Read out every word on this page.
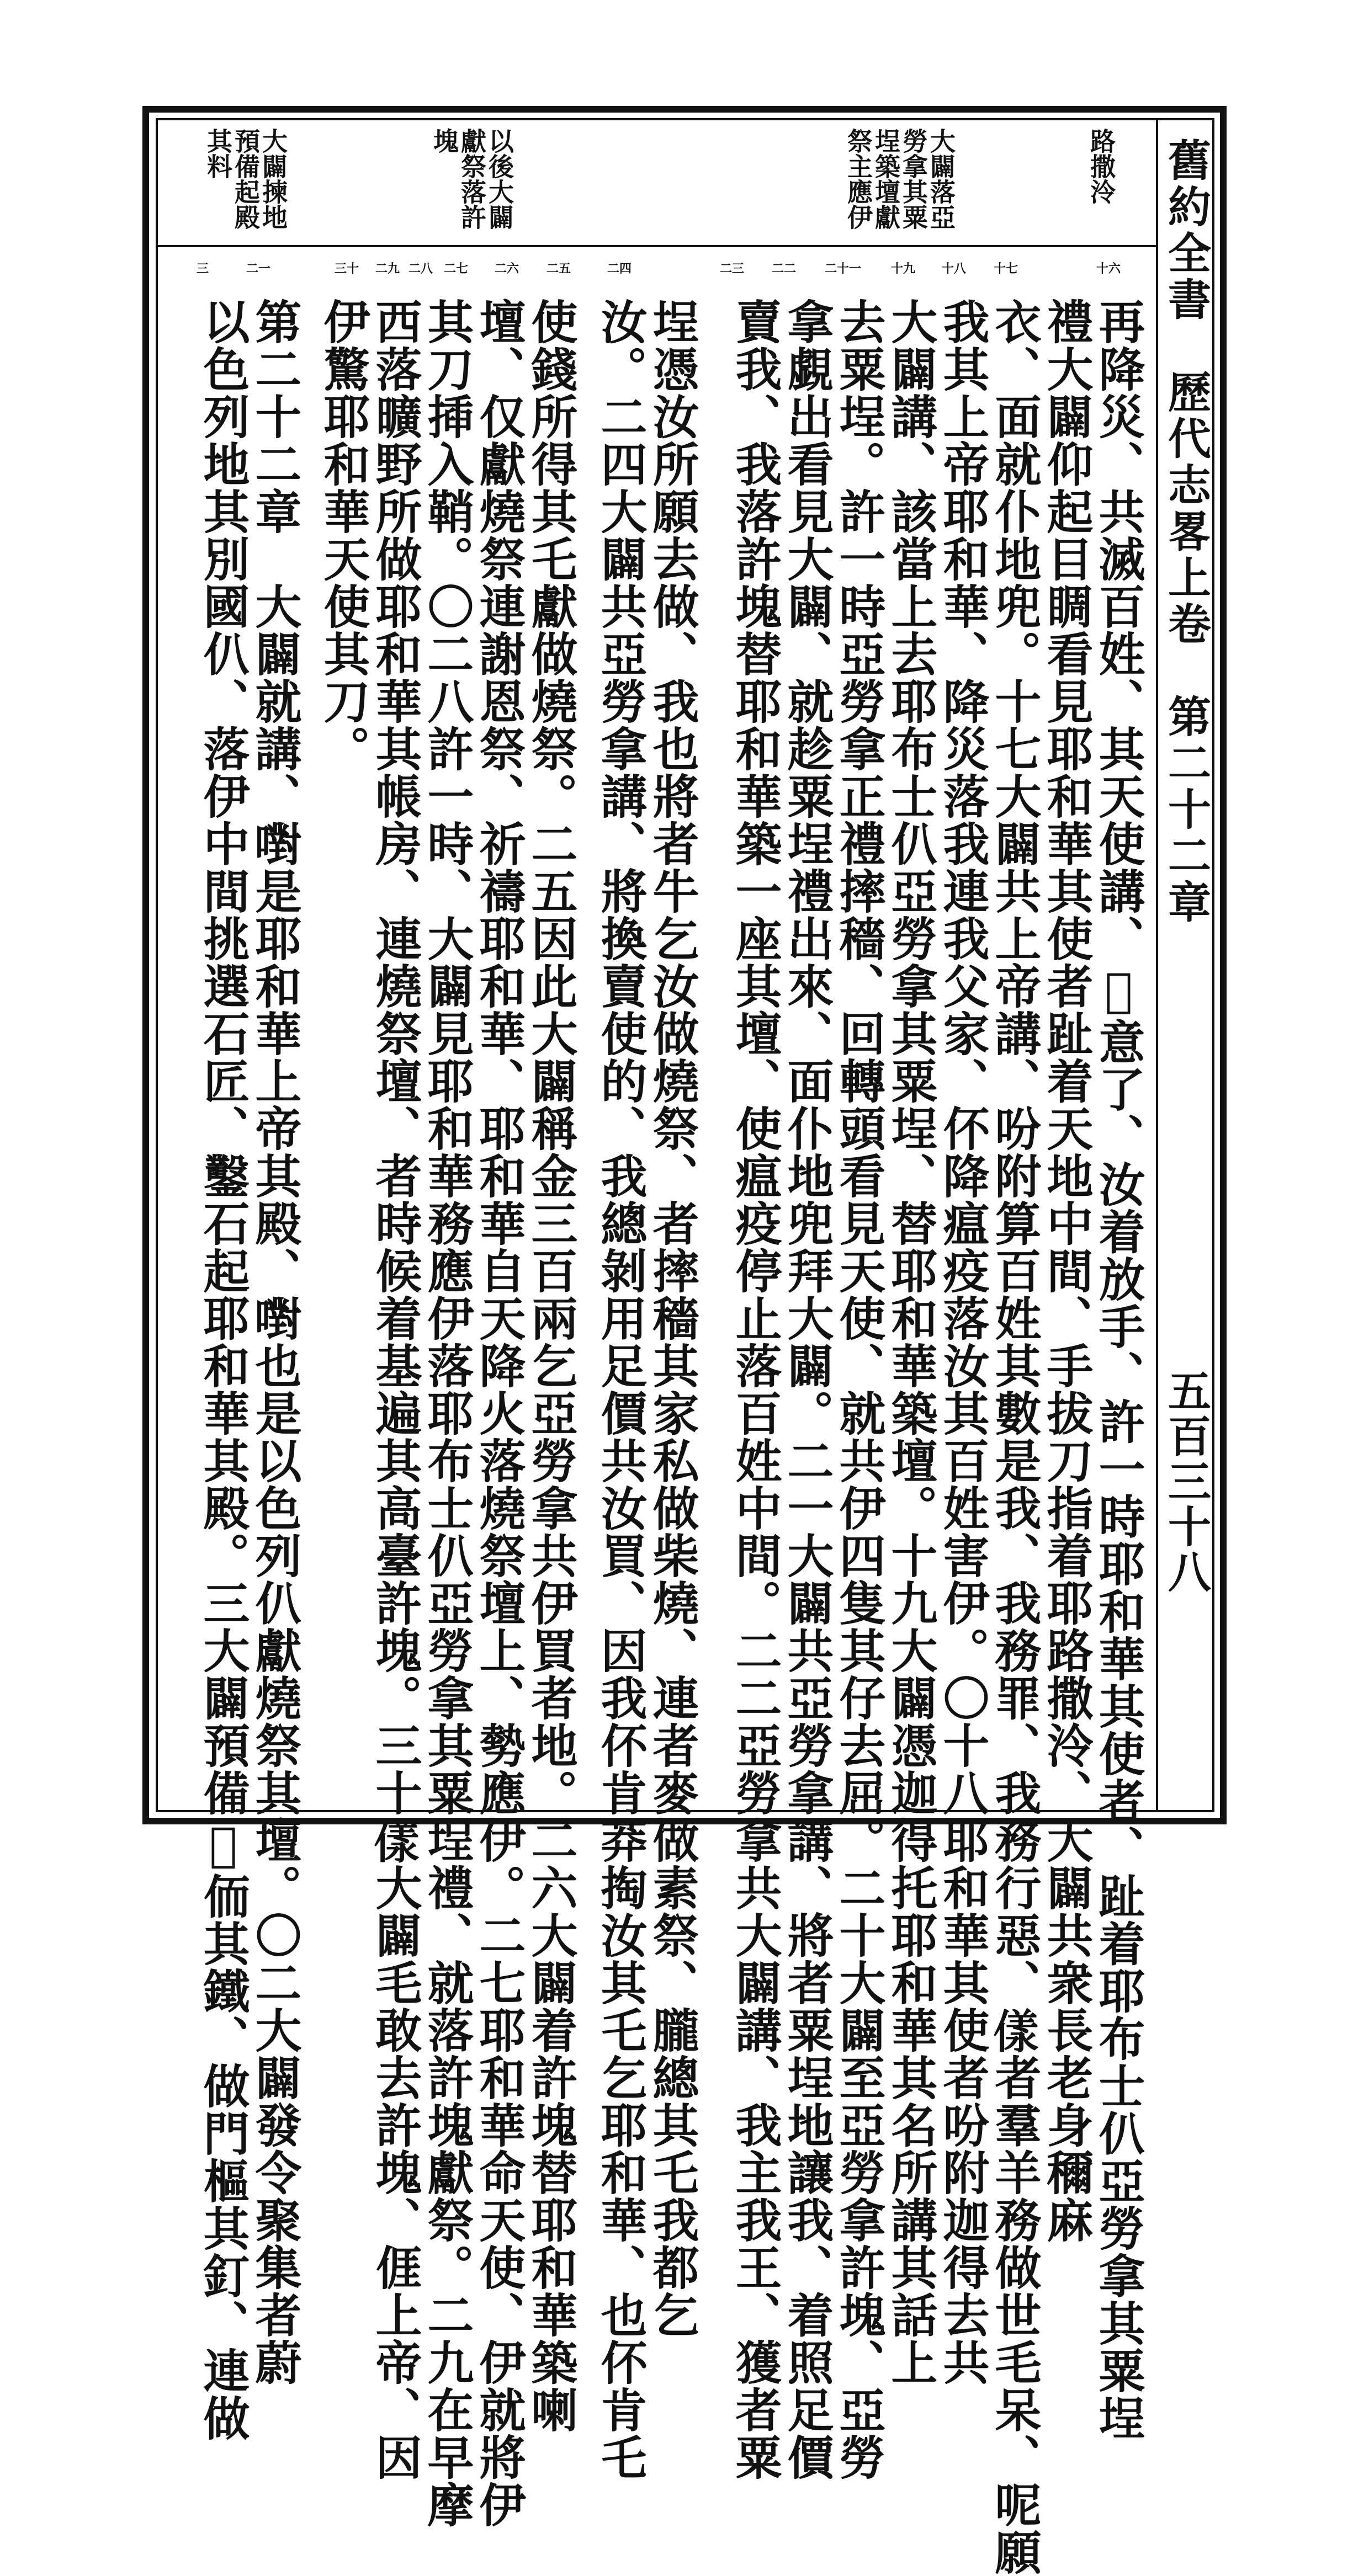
舊約全書　歷代志畧上卷　第二十二章
五百三十八
路撒泠
大闢落亞勞拿其粟埕築壇獻祭主應伊
以後大闢獻祭落許塊
大闢揀地預備起殿其料
十六
十七
十八
十九
二十一
二二
二三
二四
二五
二六
二七
二八
二九
三十
二一
三
再降災、共滅百姓、其天使講、𣪚意了、汝着放手、許一時耶和華其使者、趾着耶布士仈亞勞拿其粟埕
禮大闢仰起目睭看見耶和華其使者趾着天地中間、手拔刀指着耶路撒泠、大闢共衆長老身穪麻
衣、面就仆地兜。十七大闢共上帝講、吩附算百姓其數是我、我務罪、我務行惡、𠍵者羣羊務做世毛呆、呢願
我其上帝耶和華、降災落我連我父家、伓降瘟疫落汝其百姓害伊。〇十八耶和華其使者吩附迦得去共
大闢講、該當上去耶布士仈亞勞拿其粟埕、替耶和華築壇。十九大闢憑迦得托耶和華其名所講其話上
去粟埕。許一時亞勞拿正禮摔穡、回轉頭看見天使、就共伊四隻其仔去屈。二十大闢至亞勞拿許塊、亞勞
拿覷出看見大闢、就趁粟埕禮出來、面仆地兜拜大闢。二一大闢共亞勞拿講、將者粟埕地讓我、着照足價
賣我、我落許塊替耶和華築一座其壇、使瘟疫停止落百姓中間。二二亞勞拿共大闢講、我主我王、獲者粟
埕憑汝所願去做、我也將者牛乞汝做燒祭、者摔穡其家私做柴燒、連者麥做素祭、朧總其乇我都乞
汝。二四大闢共亞勞拿講、將換賣使的、我總剝用足價共汝買、因我伓肯莽掏汝其乇乞耶和華、也伓肯乇
使錢所得其乇獻做燒祭。二五因此大闢稱金三百兩乞亞勞拿共伊買者地。二六大闢着許塊替耶和華築喇
壇、仅獻燒祭連謝恩祭、祈禱耶和華、耶和華自天降火落燒祭壇上、勢應伊。二七耶和華命天使、伊就將伊
其刀揷入鞘。〇二八許一時、大闢見耶和華務應伊落耶布士仈亞勞拿其粟埕禮、就落許塊獻祭。二九在早摩
西落曠野所做耶和華其帳房、連燒祭壇、者時候着基遍其高臺許塊。三十𠍵大闢毛敢去許塊、𠊎上帝、因
伊驚耶和華天使其刀。
第二十二章　大闢就講、嚉是耶和華上帝其殿、嚉也是以色列仈獻燒祭其壇。〇二大闢發令聚集者蔚
以色列地其別國仈、落伊中間挑選石匠、鑿石起耶和華其殿。三大闢預備𧼈侕其鐵、做門樞其釘、連做
